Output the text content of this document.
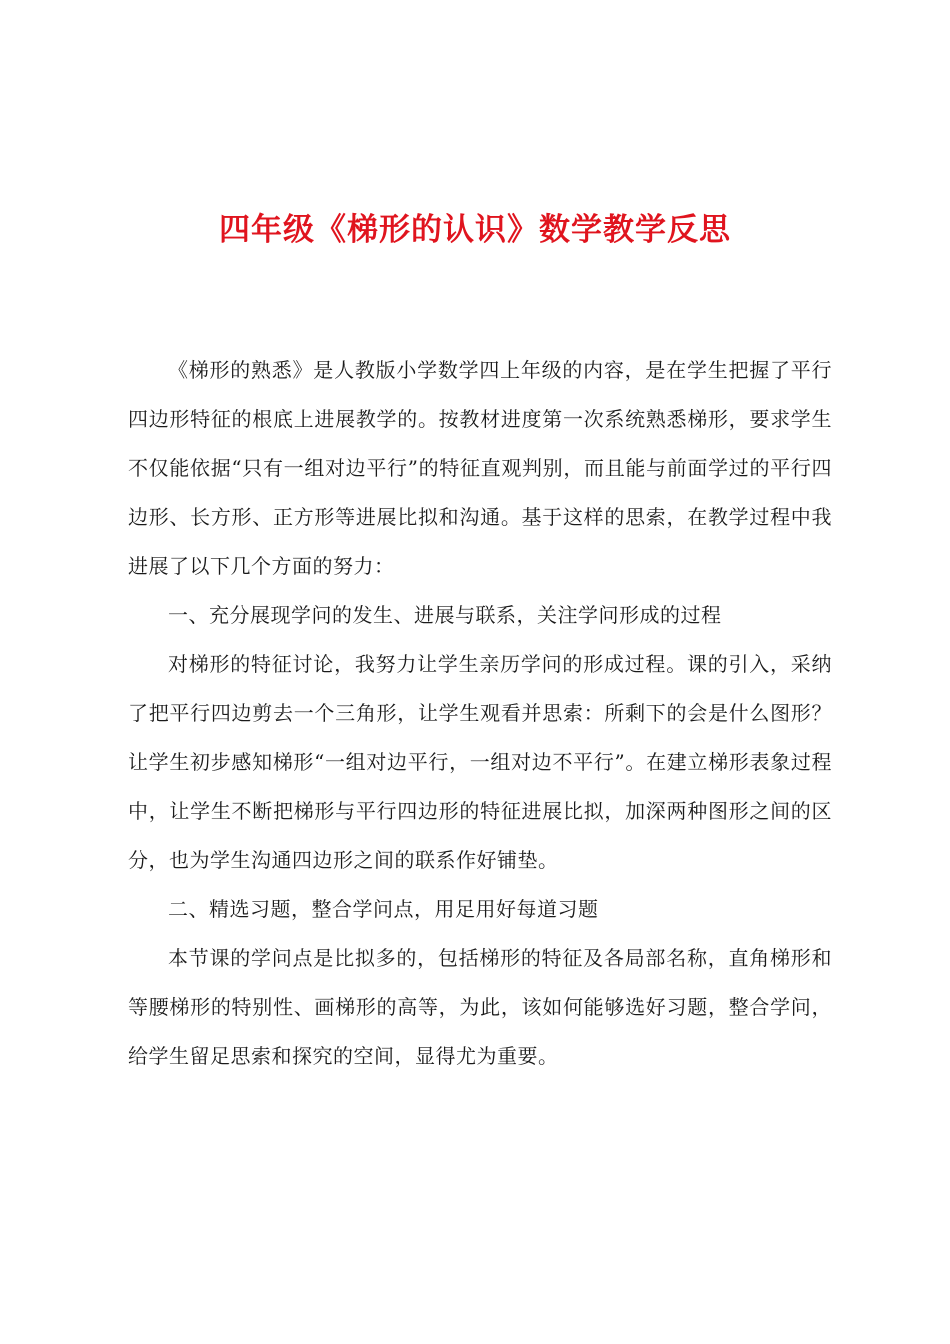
四年级《梯形的认识》数学教学反思

《梯形的熟悉》是人教版小学数学四上年级的内容，是在学生把握了平行四边形特征的根底上进展教学的。按教材进度第一次系统熟悉梯形，要求学生不仅能依据“只有一组对边平行”的特征直观判别，而且能与前面学过的平行四边形、长方形、正方形等进展比拟和沟通。基于这样的思索，在教学过程中我进展了以下几个方面的努力：

一、充分展现学问的发生、进展与联系，关注学问形成的过程

对梯形的特征讨论，我努力让学生亲历学问的形成过程。课的引入，采纳了把平行四边剪去一个三角形，让学生观看并思索：所剩下的会是什么图形？让学生初步感知梯形“一组对边平行，一组对边不平行”。在建立梯形表象过程中，让学生不断把梯形与平行四边形的特征进展比拟，加深两种图形之间的区分，也为学生沟通四边形之间的联系作好铺垫。

二、精选习题，整合学问点，用足用好每道习题

本节课的学问点是比拟多的，包括梯形的特征及各局部名称，直角梯形和等腰梯形的特别性、画梯形的高等，为此，该如何能够选好习题，整合学问，给学生留足思索和探究的空间，显得尤为重要。
